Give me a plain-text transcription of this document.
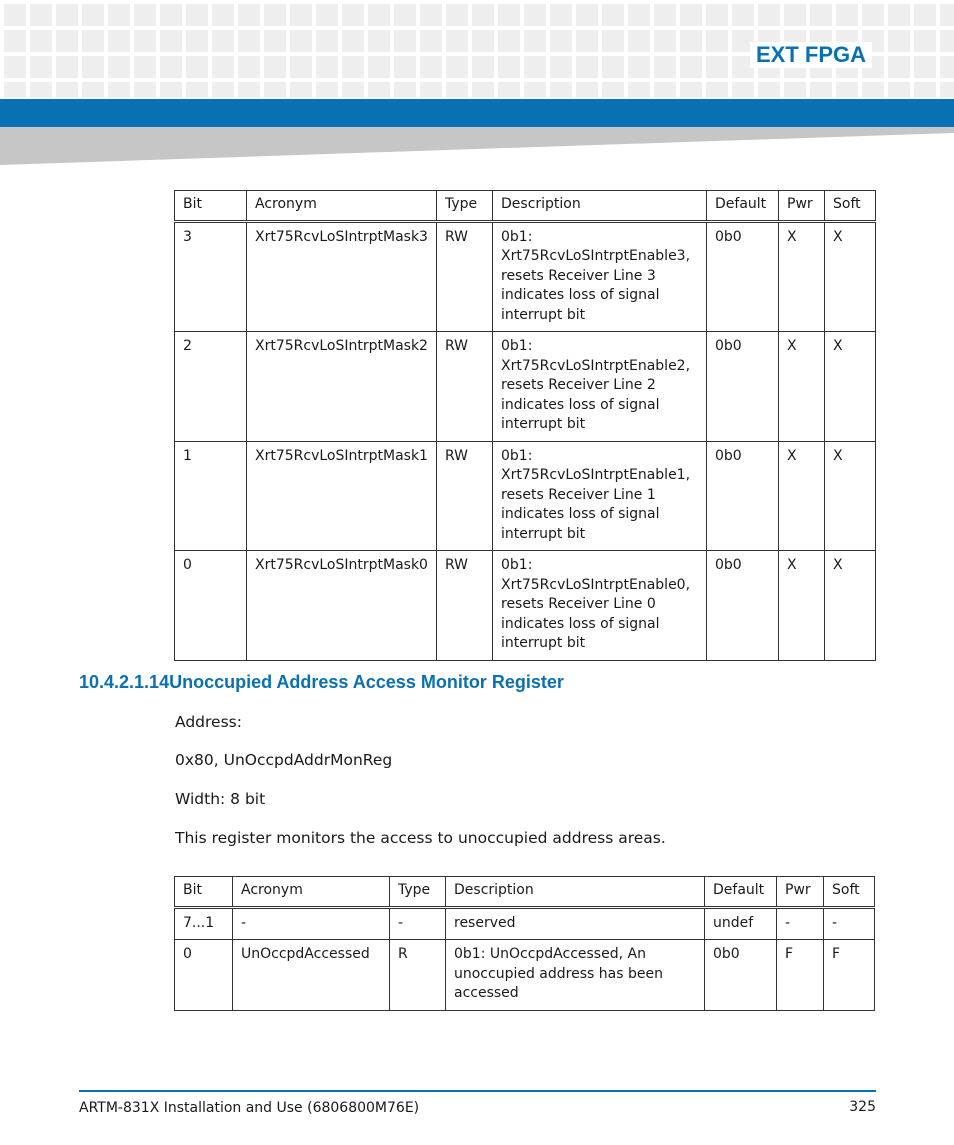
EXT FPGA
Bit	Acronym	Type	Description	Default	Pwr	Soft
3	Xrt75RcvLoSIntrptMask3	RW	0b1: Xrt75RcvLoSIntrptEnable3, resets Receiver Line 3 indicates loss of signal interrupt bit	0b0	X	X
2	Xrt75RcvLoSIntrptMask2	RW	0b1: Xrt75RcvLoSIntrptEnable2, resets Receiver Line 2 indicates loss of signal interrupt bit	0b0	X	X
1	Xrt75RcvLoSIntrptMask1	RW	0b1: Xrt75RcvLoSIntrptEnable1, resets Receiver Line 1 indicates loss of signal interrupt bit	0b0	X	X
0	Xrt75RcvLoSIntrptMask0	RW	0b1: Xrt75RcvLoSIntrptEnable0, resets Receiver Line 0 indicates loss of signal interrupt bit	0b0	X	X
10.4.2.1.14Unoccupied Address Access Monitor Register
Address:
0x80, UnOccpdAddrMonReg
Width: 8 bit
This register monitors the access to unoccupied address areas.
Bit	Acronym	Type	Description	Default	Pwr	Soft
7...1	-	-	reserved	undef	-	-
0	UnOccpdAccessed	R	0b1: UnOccpdAccessed, An unoccupied address has been accessed	0b0	F	F
ARTM-831X Installation and Use (6806800M76E)	325
